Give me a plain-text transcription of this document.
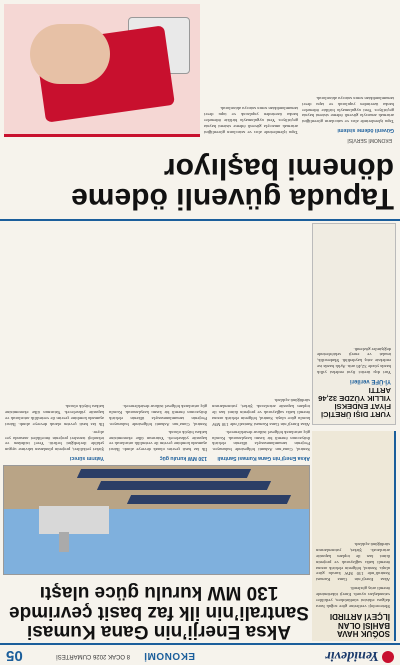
Yenidevir
EKONOMİ
8 OCAK 2026 CUMARTESİ
05
Aksa Enerji’nin Gana Kumasi
Santrali’nin ilk faz basit çevrimde
130 MW kurulu güce ulaştı
SOĞUK HAVA BAHİSİ OLAN İLÇEYİ ARTIRDI
Meteoroloji verilerine göre soğuk hava dalgası etkisini sürdürürken, yetkililer vatandaşları uyardı. Enerji tüketiminde önemli artış gözlendi.
Aksa Enerji’nin Gana Kumasi Santrali’nde 130 MW kurulu güce ulaştı. Santral, bölgenin elektrik arzına önemli katkı sağlayacak ve projenin ikinci fazı ile toplam kapasite artırılacak. Şirket, yatırımlarının sürdüğünü açıkladı.
Aksa Enerji’nin Gana Kumasi Santrali

Santral, Gana’nın Ashanti bölgesinde bulunuyor. Projenin tamamlanmasıyla ülkenin elektrik ihtiyacının önemli bir kısmı karşılanacak. Kurulu güç artırılarak bölgesel istikrar desteklenecek.

Aksa Enerji’nin Gana Kumasi Santrali’nde 130 MW kurulu güce ulaştı. Santral, bölgenin elektrik arzına önemli katkı sağlayacak ve projenin ikinci fazı ile toplam kapasite artırılacak. Şirket, yatırımlarının sürdüğünü açıkladı.

130 MW kurulu güç

İlk faz basit çevrim olarak devreye alındı. İkinci aşamada kombine çevrim ile verimlilik artırılacak ve kapasite yükselecek. Yatırımın ülke ekonomisine katkısı büyük olacak.

Santral, Gana’nın Ashanti bölgesinde bulunuyor. Projenin tamamlanmasıyla ülkenin elektrik ihtiyacının önemli bir kısmı karşılanacak. Kurulu güç artırılarak bölgesel istikrar desteklenecek.

Yatırım süreci

Şirket yetkilileri, projenin planlanan takvime uygun şekilde ilerlediğini belirtti. Yerel istihdam ve teknoloji transferi projenin öncelikleri arasında yer alıyor.

İlk faz basit çevrim olarak devreye alındı. İkinci aşamada kombine çevrim ile verimlilik artırılacak ve kapasite yükselecek. Yatırımın ülke ekonomisine katkısı büyük olacak.

YURT DIŞI ÜRETİCİ FİYAT ENDEKSİ YILLIK YÜZDE 32,46 ARTTI
Yİ-ÜFE verileri
Yurt dışı üretici fiyat endeksi yıllık bazda yüzde 32,46 arttı. Aylık bazda ise endekste artış kaydedildi. Madencilik, imalat ve enerji sektörlerinde değişimler gözlendi.
Tapuda güvenli ödeme
dönemi başlıyor
EKONOMİ SERVİSİ
Güvenli ödeme sistemi

Tapu işlemlerinde alıcı ve satıcıların güvenliğini artırmak amacıyla güvenli ödeme sistemi hayata geçiriliyor. Yeni uygulamayla birlikte ödemeler banka üzerinden yapılacak ve tapu devri tamamlandıktan sonra satıcıya aktarılacak.

Tapu işlemlerinde alıcı ve satıcıların güvenliğini artırmak amacıyla güvenli ödeme sistemi hayata geçiriliyor. Yeni uygulamayla birlikte ödemeler banka üzerinden yapılacak ve tapu devri tamamlandıktan sonra satıcıya aktarılacak.
